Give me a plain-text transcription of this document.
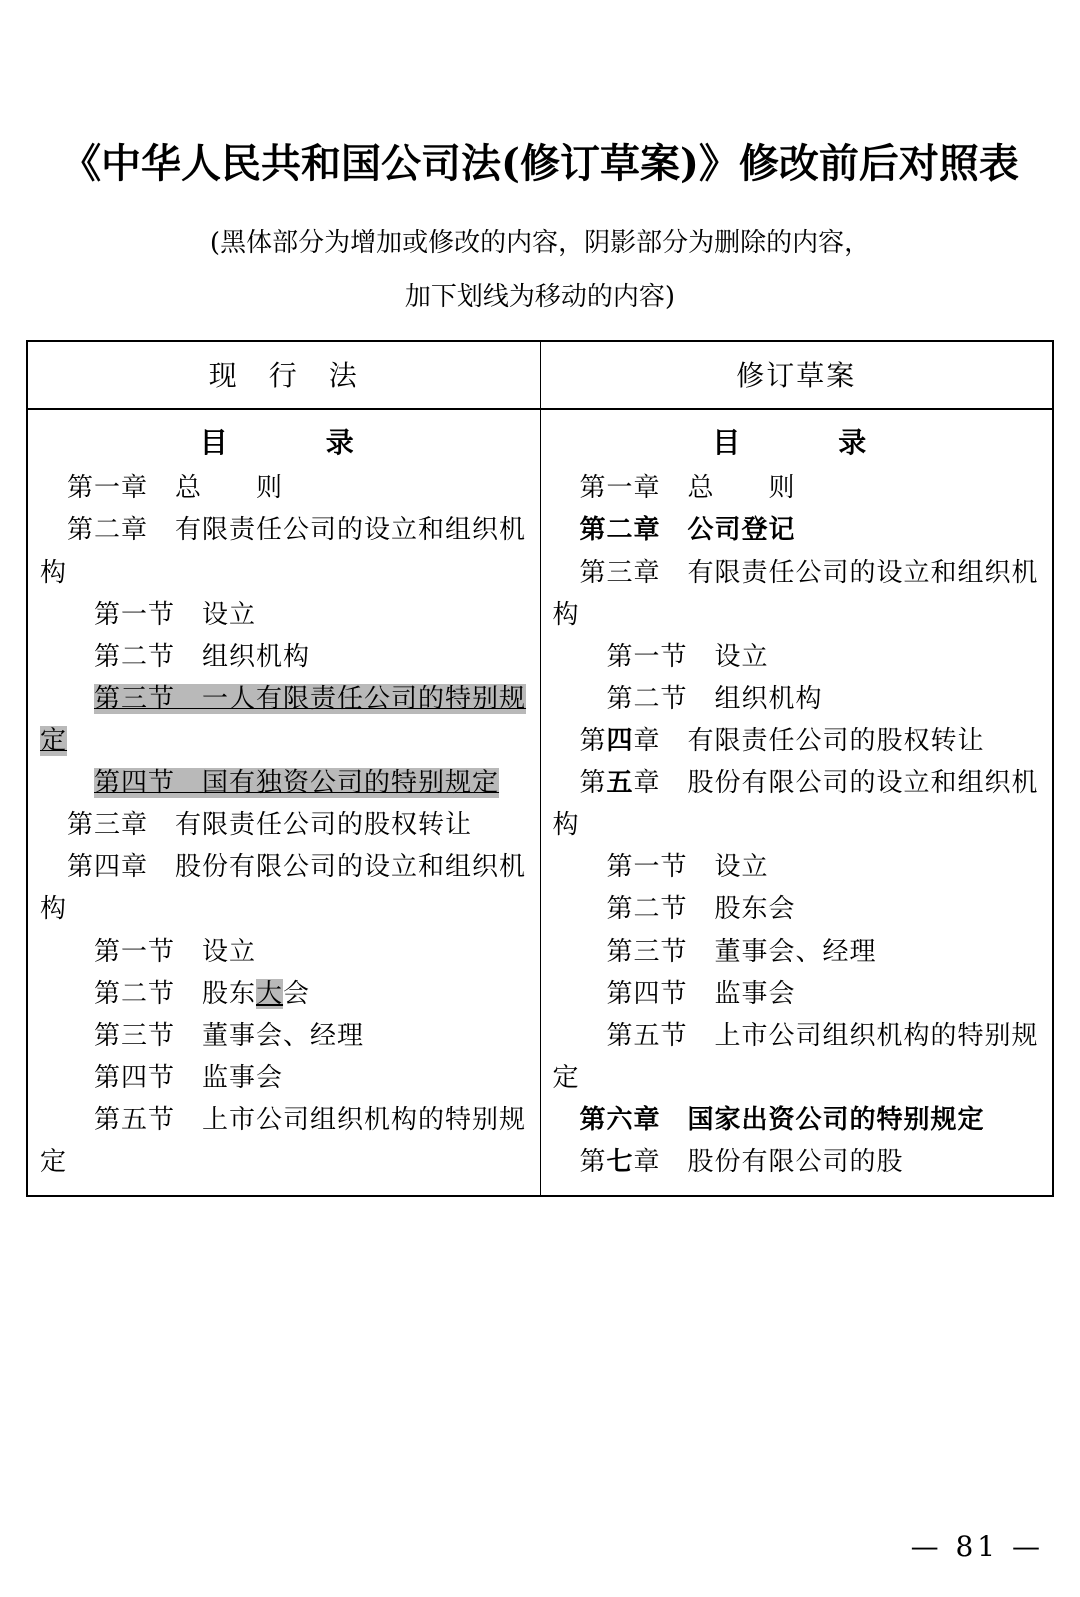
《中华人民共和国公司法(修订草案)》修改前后对照表
(黑体部分为增加或修改的内容，阴影部分为删除的内容，
加下划线为移动的内容)
现　行　法	修订草案

目　　录
　第一章　总　　则
　第二章　有限责任公司的设立和组织机构
　　第一节　设立
　　第二节　组织机构
　　第三节　一人有限责任公司的特别规定
　　第四节　国有独资公司的特别规定
　第三章　有限责任公司的股权转让
　第四章　股份有限公司的设立和组织机构
　　第一节　设立
　　第二节　股东大会
　　第三节　董事会、经理
　　第四节　监事会
　　第五节　上市公司组织机构的特别规定

目　　录
　第一章　总　　则
　第二章　公司登记
　第三章　有限责任公司的设立和组织机构
　　第一节　设立
　　第二节　组织机构
　第四章　有限责任公司的股权转让
　第五章　股份有限公司的设立和组织机构
　　第一节　设立
　　第二节　股东会
　　第三节　董事会、经理
　　第四节　监事会
　　第五节　上市公司组织机构的特别规定
　第六章　国家出资公司的特别规定
　第七章　股份有限公司的股
— 81 —
